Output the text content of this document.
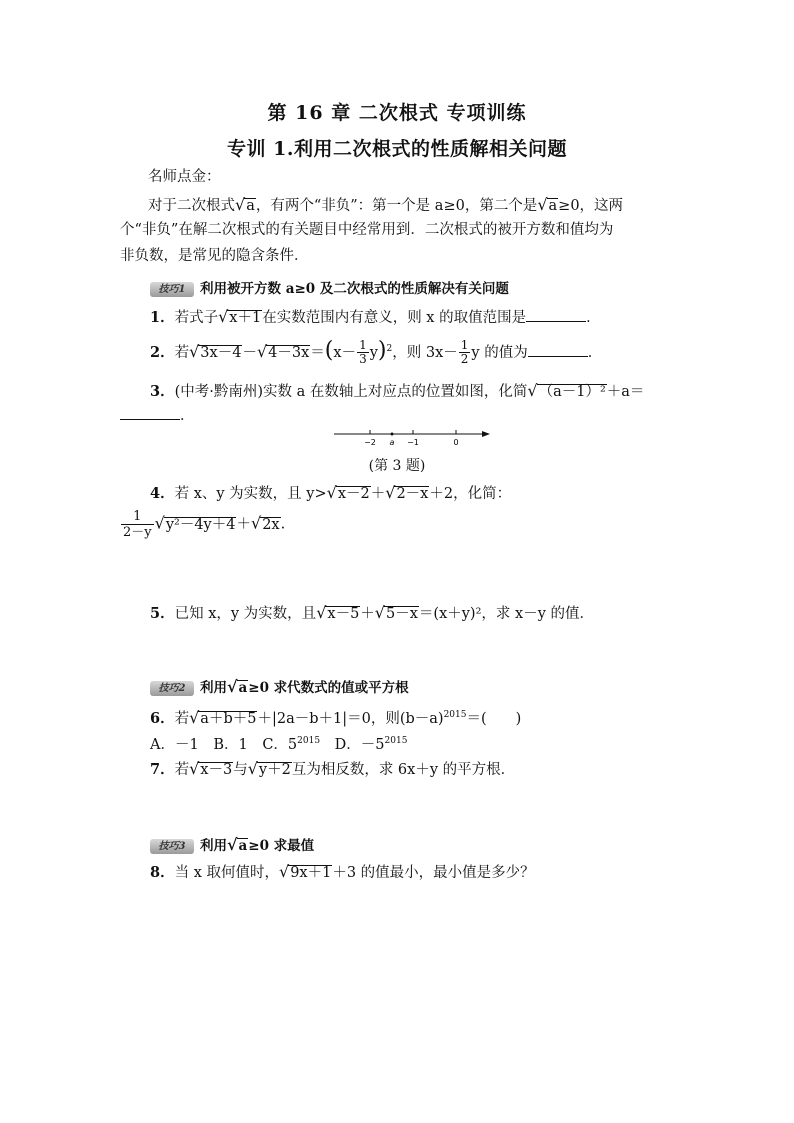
第 16 章 二次根式 专项训练
专训 1.利用二次根式的性质解相关问题
名师点金：
对于二次根式√a，有两个“非负”：第一个是 a≥0，第二个是√a≥0，这两
个“非负”在解二次根式的有关题目中经常用到．二次根式的被开方数和值均为
非负数，是常见的隐含条件．
技巧1 利用被开方数 a≥0 及二次根式的性质解决有关问题
1．若式子√x＋1在实数范围内有意义，则 x 的取值范围是	．
2．若$√3x-4-√4-3x=(x- \frac{1}{3} y)^2$，则 $3x- \frac{1}{2}$ y 的值为	．
3．(中考·黔南州)实数 a 在数轴上对应点的位置如图，化简√（a－1）²＋a＝
．
−2 a −1	0
(第 3 题)
4．若 x、y 为实数，且 y>√x－2＋√2－x＋2，化简：
$\frac{1}{2-y} √y^2-4y+4+√2x$.
5．已知 x，y 为实数，且√x－5＋√5－x＝(x＋y)²，求 x－y 的值．
技巧2 利用√a≥0 求代数式的值或平方根
6．若√a＋b＋5＋|2a－b＋1|＝0，则$(b-a)^{2015}=$(　　)
A．－1 B．1 C．$5^{2015}$ D．$-5^{2015}$
7．若√x－3与√y＋2互为相反数，求 6x＋y 的平方根．
技巧3 利用√a≥0 求最值
8．当 x 取何值时，√9x＋1＋3 的值最小，最小值是多少？
